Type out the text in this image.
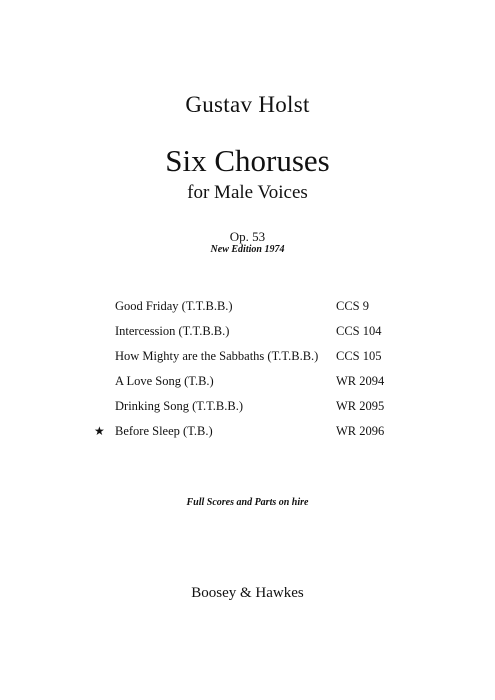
Gustav Holst
Six Choruses
for Male Voices
Op. 53
New Edition 1974
Good Friday (T.T.B.B.)	CCS 9
Intercession (T.T.B.B.)	CCS 104
How Mighty are the Sabbaths (T.T.B.B.) CCS 105
A Love Song (T.B.)	WR 2094
Drinking Song (T.T.B.B.)	WR 2095
★ Before Sleep (T.B.)	WR 2096
Full Scores and Parts on hire
Boosey & Hawkes
